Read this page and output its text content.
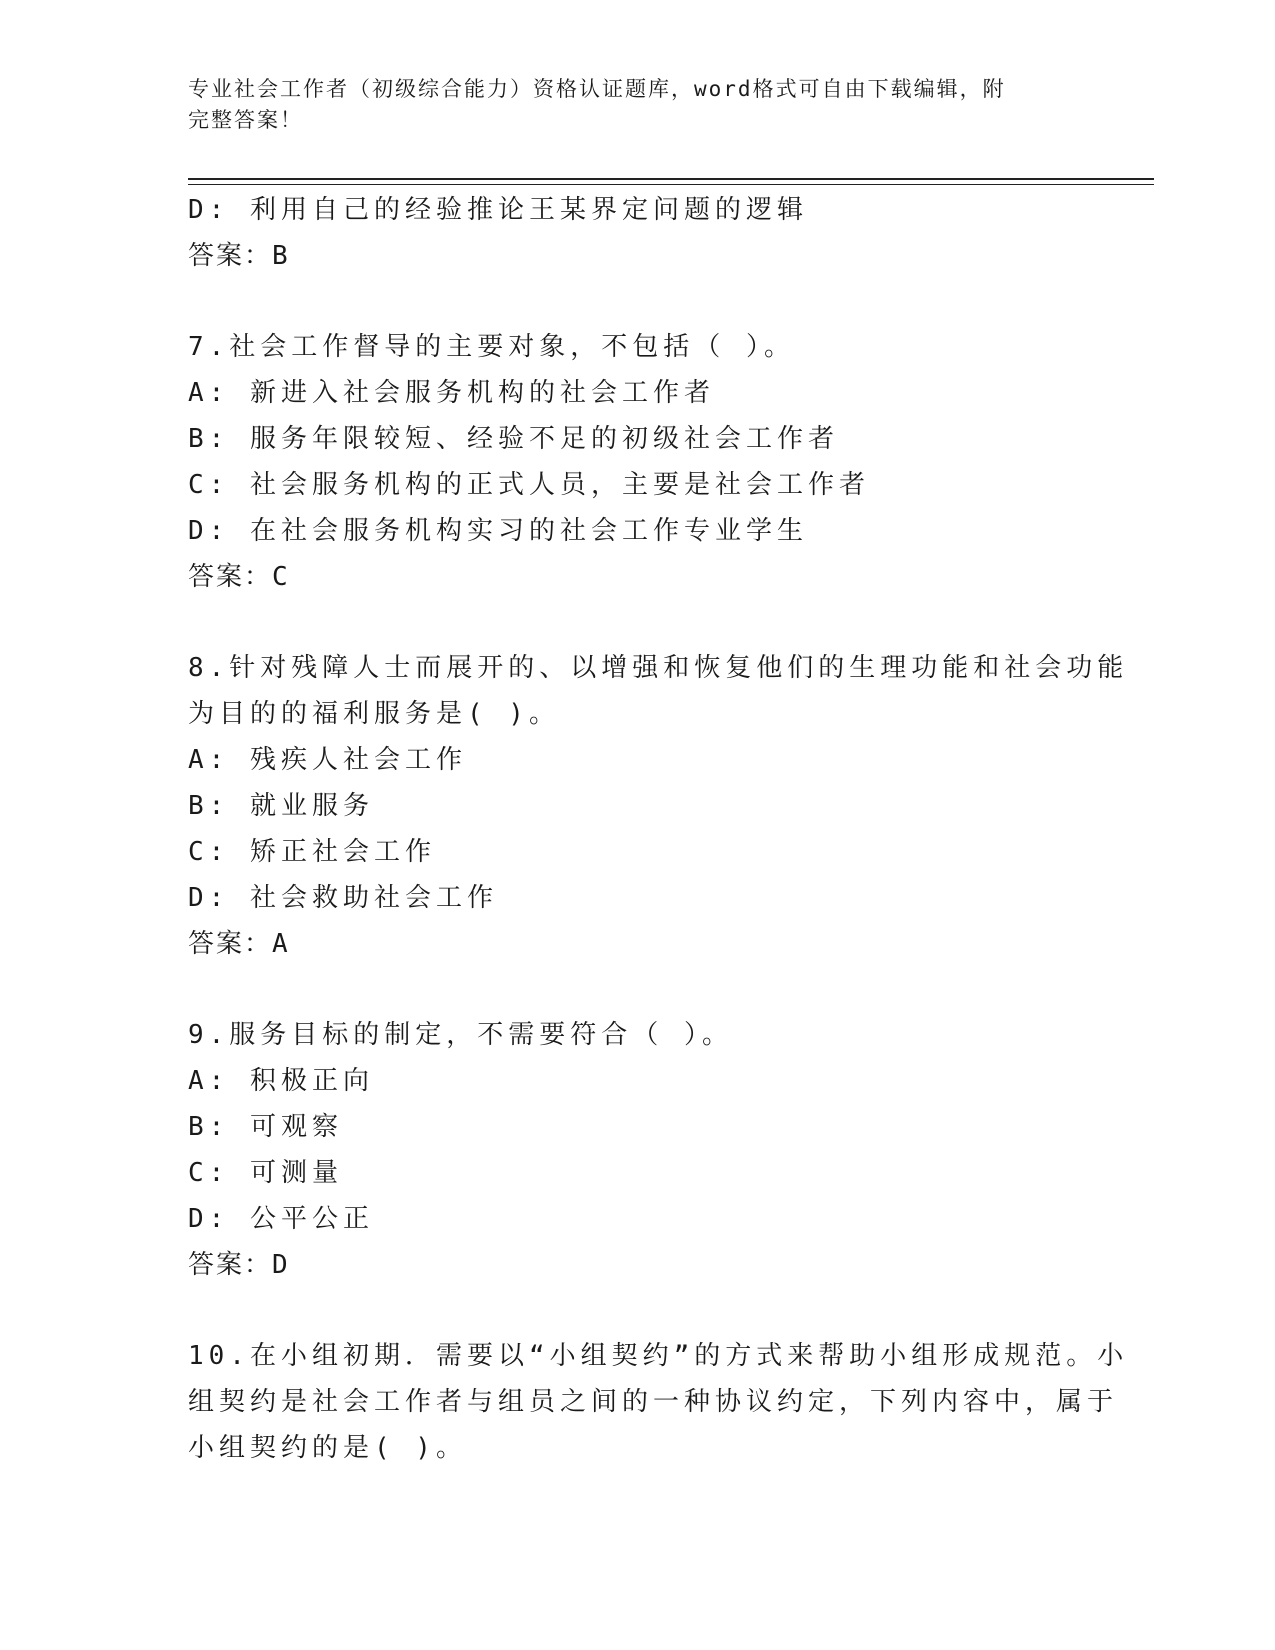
专业社会工作者（初级综合能力）资格认证题库，word格式可自由下载编辑，附
完整答案！

D: 利用自己的经验推论王某界定问题的逻辑

答案：B

7.社会工作督导的主要对象，不包括（ ）。

A: 新进入社会服务机构的社会工作者

B: 服务年限较短、经验不足的初级社会工作者

C: 社会服务机构的正式人员，主要是社会工作者

D: 在社会服务机构实习的社会工作专业学生

答案：C

8.针对残障人士而展开的、以增强和恢复他们的生理功能和社会功能

为目的的福利服务是( )。

A: 残疾人社会工作

B: 就业服务

C: 矫正社会工作

D: 社会救助社会工作

答案：A

9.服务目标的制定，不需要符合（ ）。

A: 积极正向

B: 可观察

C: 可测量

D: 公平公正

答案：D

10.在小组初期．需要以“小组契约”的方式来帮助小组形成规范。小

组契约是社会工作者与组员之间的一种协议约定，下列内容中，属于

小组契约的是( )。
